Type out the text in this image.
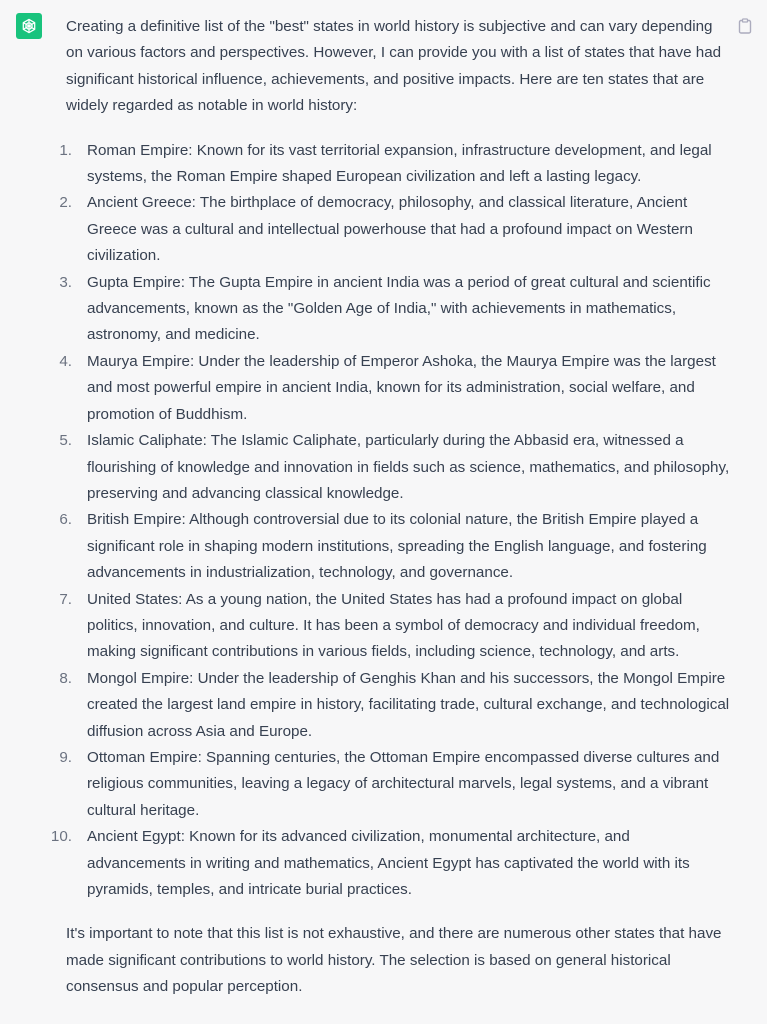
Creating a definitive list of the "best" states in world history is subjective and can vary depending on various factors and perspectives. However, I can provide you with a list of states that have had significant historical influence, achievements, and positive impacts. Here are ten states that are widely regarded as notable in world history:

1. Roman Empire: Known for its vast territorial expansion, infrastructure development, and legal systems, the Roman Empire shaped European civilization and left a lasting legacy.
2. Ancient Greece: The birthplace of democracy, philosophy, and classical literature, Ancient Greece was a cultural and intellectual powerhouse that had a profound impact on Western civilization.
3. Gupta Empire: The Gupta Empire in ancient India was a period of great cultural and scientific advancements, known as the "Golden Age of India," with achievements in mathematics, astronomy, and medicine.
4. Maurya Empire: Under the leadership of Emperor Ashoka, the Maurya Empire was the largest and most powerful empire in ancient India, known for its administration, social welfare, and promotion of Buddhism.
5. Islamic Caliphate: The Islamic Caliphate, particularly during the Abbasid era, witnessed a flourishing of knowledge and innovation in fields such as science, mathematics, and philosophy, preserving and advancing classical knowledge.
6. British Empire: Although controversial due to its colonial nature, the British Empire played a significant role in shaping modern institutions, spreading the English language, and fostering advancements in industrialization, technology, and governance.
7. United States: As a young nation, the United States has had a profound impact on global politics, innovation, and culture. It has been a symbol of democracy and individual freedom, making significant contributions in various fields, including science, technology, and arts.
8. Mongol Empire: Under the leadership of Genghis Khan and his successors, the Mongol Empire created the largest land empire in history, facilitating trade, cultural exchange, and technological diffusion across Asia and Europe.
9. Ottoman Empire: Spanning centuries, the Ottoman Empire encompassed diverse cultures and religious communities, leaving a legacy of architectural marvels, legal systems, and a vibrant cultural heritage.
10. Ancient Egypt: Known for its advanced civilization, monumental architecture, and advancements in writing and mathematics, Ancient Egypt has captivated the world with its pyramids, temples, and intricate burial practices.

It's important to note that this list is not exhaustive, and there are numerous other states that have made significant contributions to world history. The selection is based on general historical consensus and popular perception.
